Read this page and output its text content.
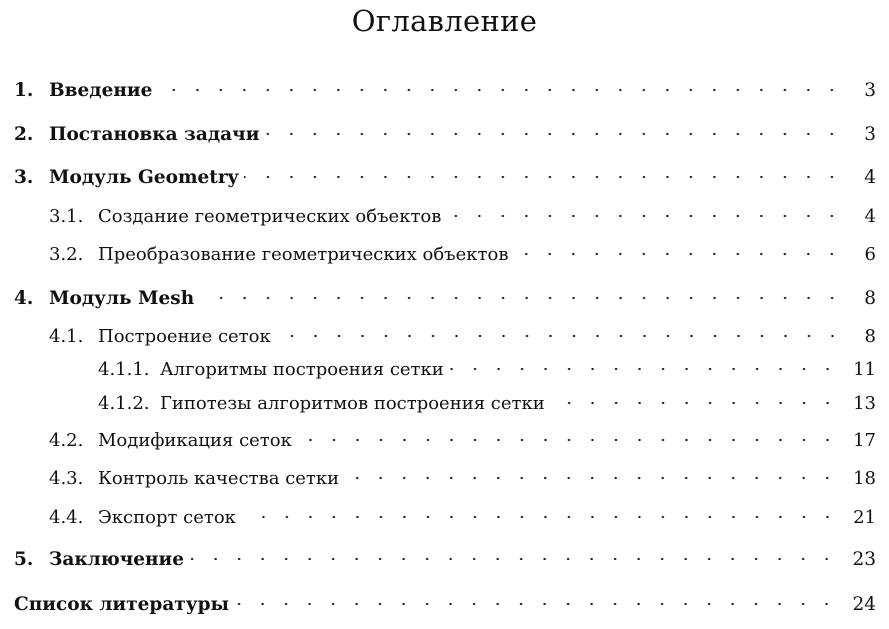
Оглавление
1. Введение	3
2. Постановка задачи	3
3. Модуль Geometry	4
3.1. Создание геометрических объектов	4
3.2. Преобразование геометрических объектов	6
4. Модуль Mesh	8
4.1. Построение сеток	8
4.1.1. Алгоритмы построения сетки	11
4.1.2. Гипотезы алгоритмов построения сетки	13
4.2. Модификация сеток	17
4.3. Контроль качества сетки	18
4.4. Экспорт сеток	21
5. Заключение	23
Список литературы	24
